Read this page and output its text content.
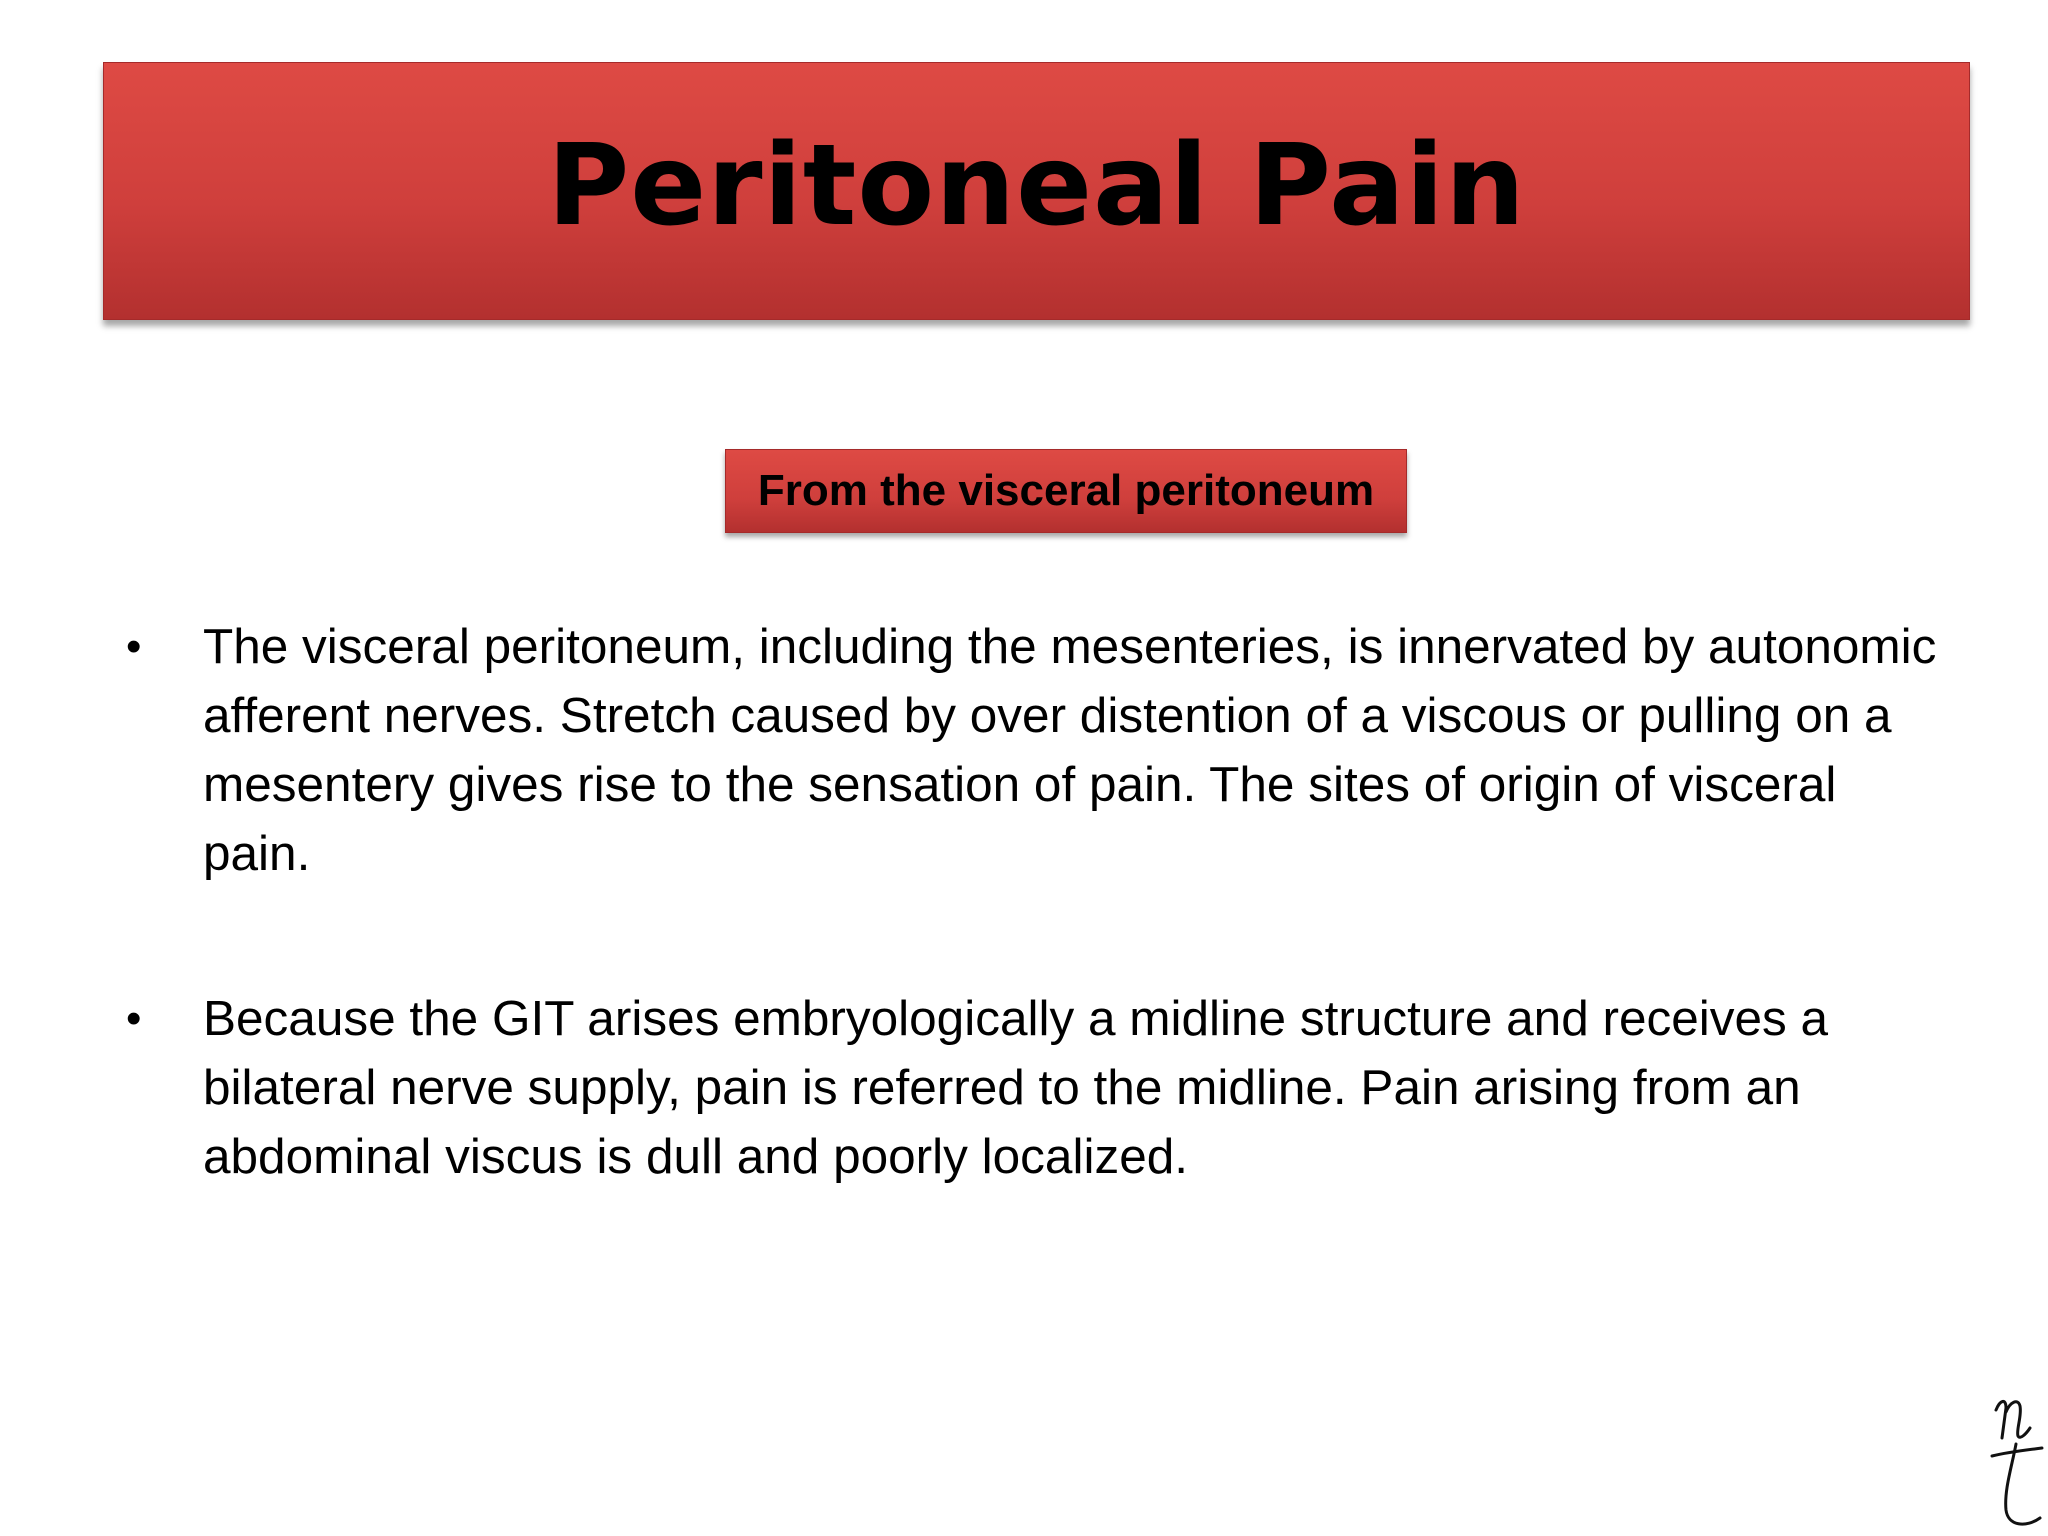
Peritoneal Pain
From the visceral peritoneum
• The visceral peritoneum, including the mesenteries, is innervated by autonomic afferent nerves. Stretch caused by over distention of a viscous or pulling on a mesentery gives rise to the sensation of pain. The sites of origin of visceral pain.
• Because the GIT arises embryologically a midline structure and receives a bilateral nerve supply, pain is referred to the midline. Pain arising from an abdominal viscus is dull and poorly localized.
